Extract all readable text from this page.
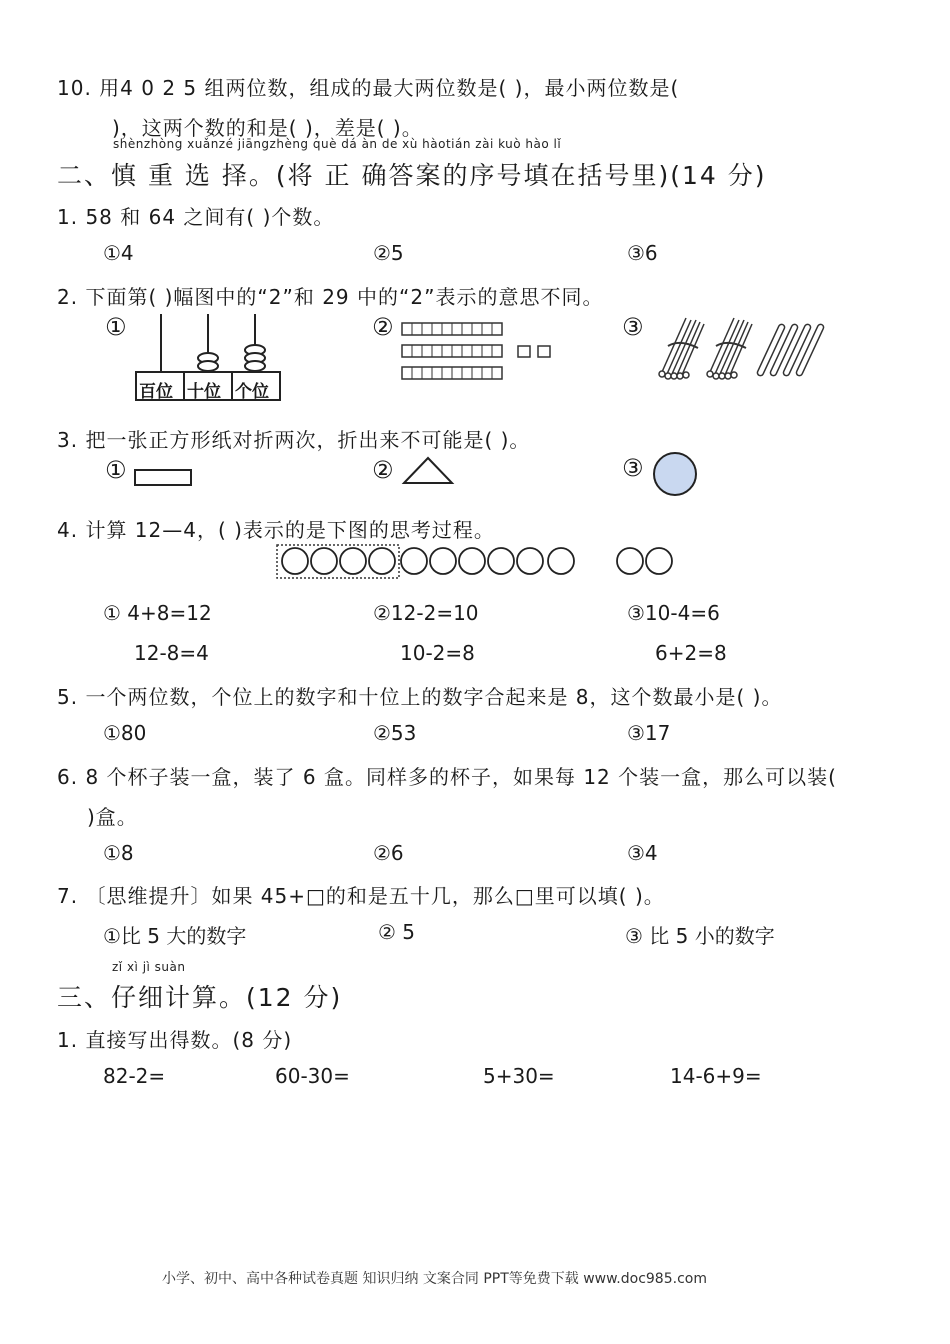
10. 用4 0 2 5 组两位数，组成的最大两位数是( )，最小两位数是(
)，这两个数的和是( )，差是( )。
shènzhòng xuǎnzé jiāngzhèng què dá àn de xù hàotián zài kuò hào lǐ
二、慎 重 选 择。(将 正 确答案的序号填在括号里)(14 分)
1. 58 和 64 之间有( )个数。
①4	②5	③6
2. 下面第( )幅图中的“2”和 29 中的“2”表示的意思不同。
①
百位 十位 个位
②	③
3. 把一张正方形纸对折两次，折出来不可能是( )。
①	②	③
4. 计算 12—4，( )表示的是下图的思考过程。
① 4+8=12
12-8=4
②12-2=10
10-2=8
③10-4=6
6+2=8
5. 一个两位数，个位上的数字和十位上的数字合起来是 8，这个数最小是( )。
①80	②53	③17
6. 8 个杯子装一盒，装了 6 盒。同样多的杯子，如果每 12 个装一盒，那么可以装(
)盒。
①8	②6	③4
7. 〔思维提升〕如果 45+□的和是五十几，那么□里可以填( )。
①比 5 大的数字	② 5	③ 比 5 小的数字
zǐ xì jì suàn
三、仔细计算。(12 分)
1. 直接写出得数。(8 分)
82-2=	60-30=	5+30=	14-6+9=
小学、初中、高中各种试卷真题 知识归纳 文案合同 PPT等免费下载 www.doc985.com
